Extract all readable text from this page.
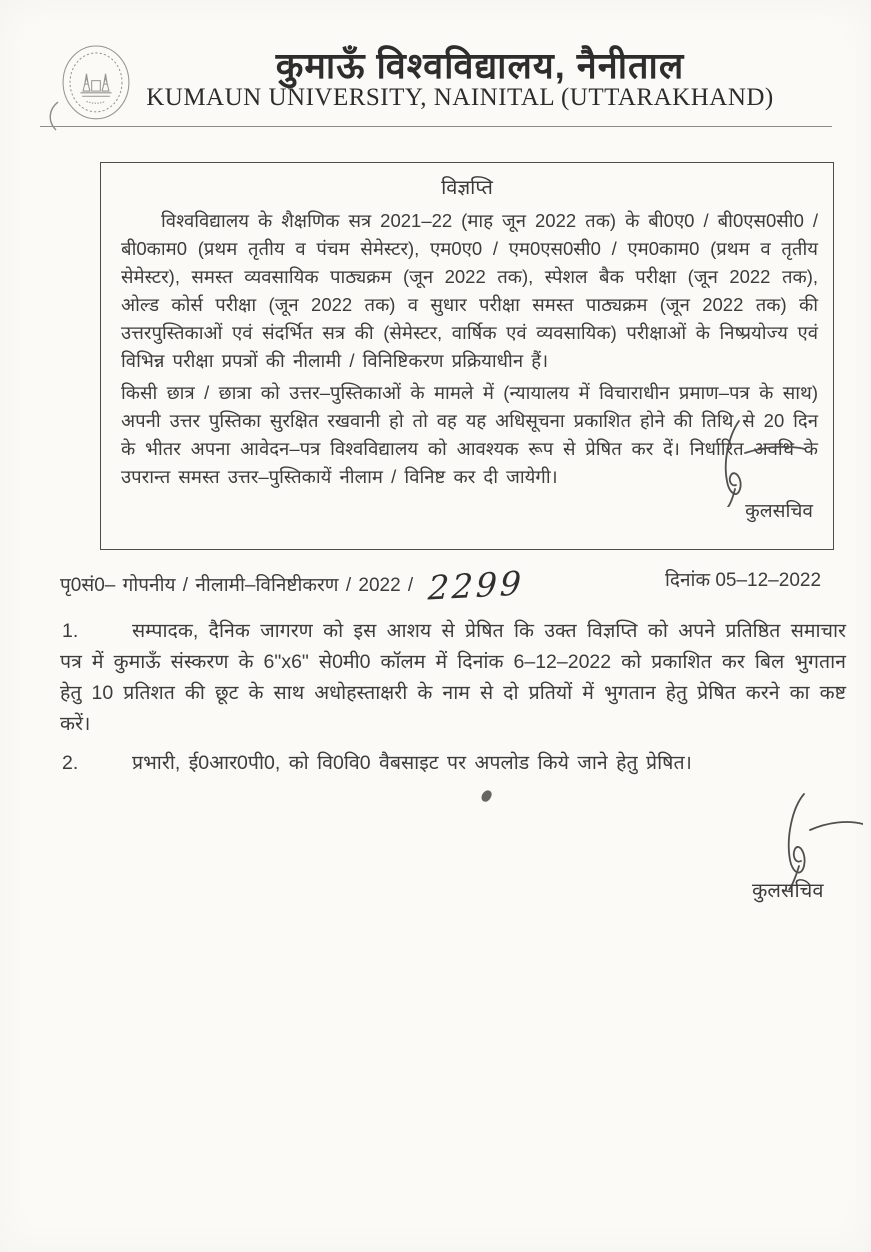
कुमाऊँ विश्वविद्यालय, नैनीताल
KUMAUN UNIVERSITY, NAINITAL (UTTARAKHAND)
विज्ञप्ति

विश्वविद्यालय के शैक्षणिक सत्र 2021–22 (माह जून 2022 तक) के बी0ए0 / बी0एस0सी0 / बी0काम0 (प्रथम तृतीय व पंचम सेमेस्टर), एम0ए0 / एम0एस0सी0 / एम0काम0 (प्रथम व तृतीय सेमेस्टर), समस्त व्यवसायिक पाठ्यक्रम (जून 2022 तक), स्पेशल बैक परीक्षा (जून 2022 तक), ओल्ड कोर्स परीक्षा (जून 2022 तक) व सुधार परीक्षा समस्त पाठ्यक्रम (जून 2022 तक) की उत्तरपुस्तिकाओं एवं संदर्भित सत्र की (सेमेस्टर, वार्षिक एवं व्यवसायिक) परीक्षाओं के निष्प्रयोज्य एवं विभिन्न परीक्षा प्रपत्रों की नीलामी / विनिष्टिकरण प्रक्रियाधीन हैं।

किसी छात्र / छात्रा को उत्तर–पुस्तिकाओं के मामले में (न्यायालय में विचाराधीन प्रमाण–पत्र के साथ) अपनी उत्तर पुस्तिका सुरक्षित रखवानी हो तो वह यह अधिसूचना प्रकाशित होने की तिथि से 20 दिन के भीतर अपना आवेदन–पत्र विश्वविद्यालय को आवश्यक रूप से प्रेषित कर दें। निर्धारित अवधि के उपरान्त समस्त उत्तर–पुस्तिकायें नीलाम / विनिष्ट कर दी जायेगी।

कुलसचिव
पृ0सं0– गोपनीय / नीलामी–विनिष्टीकरण / 2022 / 2299	दिनांक 05–12–2022

1.	सम्पादक, दैनिक जागरण को इस आशय से प्रेषित कि उक्त विज्ञप्ति को अपने प्रतिष्ठित समाचार पत्र में कुमाऊँ संस्करण के 6"x6" से0मी0 कॉलम में दिनांक 6–12–2022 को प्रकाशित कर बिल भुगतान हेतु 10 प्रतिशत की छूट के साथ अधोहस्ताक्षरी के नाम से दो प्रतियों में भुगतान हेतु प्रेषित करने का कष्ट करें।

2.	प्रभारी, ई0आर0पी0, को वि0वि0 वैबसाइट पर अपलोड किये जाने हेतु प्रेषित।

कुलसचिव
